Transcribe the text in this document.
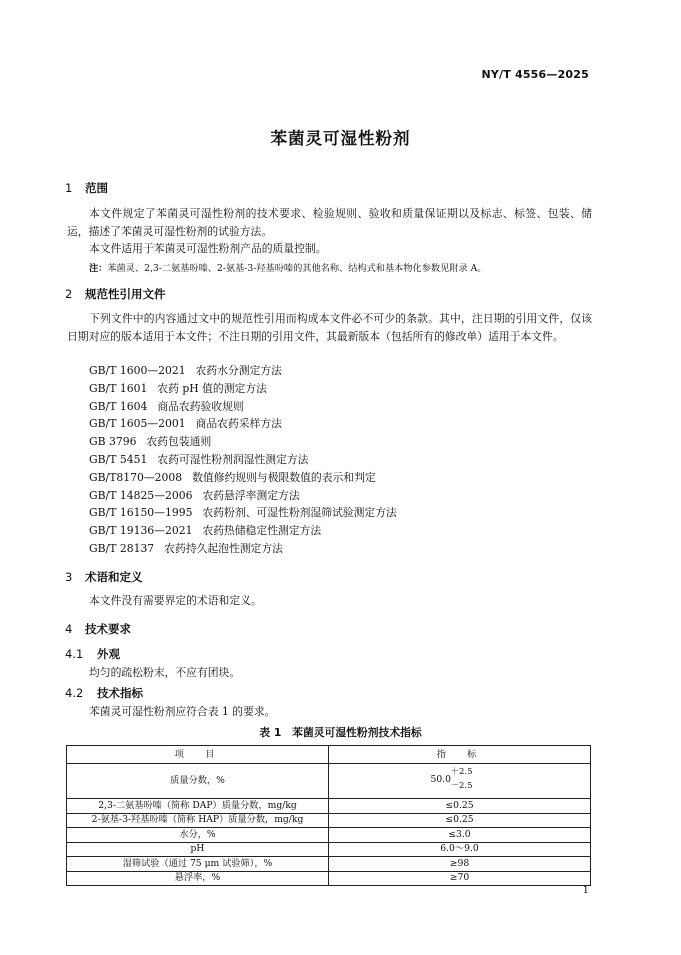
NY/T 4556—2025
苯菌灵可湿性粉剂
1 范围
本文件规定了苯菌灵可湿性粉剂的技术要求、检验规则、验收和质量保证期以及标志、标签、包装、储运，描述了苯菌灵可湿性粉剂的试验方法。
本文件适用于苯菌灵可湿性粉剂产品的质量控制。
注：苯菌灵、2,3-二氨基吩嗪、2-氨基-3-羟基吩嗪的其他名称、结构式和基本物化参数见附录 A。
2 规范性引用文件
下列文件中的内容通过文中的规范性引用而构成本文件必不可少的条款。其中，注日期的引用文件，仅该日期对应的版本适用于本文件；不注日期的引用文件，其最新版本（包括所有的修改单）适用于本文件。
GB/T 1600—2021 农药水分测定方法
GB/T 1601 农药 pH 值的测定方法
GB/T 1604 商品农药验收规则
GB/T 1605—2001 商品农药采样方法
GB 3796 农药包装通则
GB/T 5451 农药可湿性粉剂润湿性测定方法
GB/T8170—2008 数值修约规则与极限数值的表示和判定
GB/T 14825—2006 农药悬浮率测定方法
GB/T 16150—1995 农药粉剂、可湿性粉剂湿筛试验测定方法
GB/T 19136—2021 农药热储稳定性测定方法
GB/T 28137 农药持久起泡性测定方法
3 术语和定义
本文件没有需要界定的术语和定义。
4 技术要求
4.1 外观
均匀的疏松粉末，不应有团块。
4.2 技术指标
苯菌灵可湿性粉剂应符合表 1 的要求。
表 1　苯菌灵可湿性粉剂技术指标
项　目	指　标
质量分数，%	50.0
＋2.5
－2.5

2,3-二氨基吩嗪（简称 DAP）质量分数，mg/kg	≤0.25
2-氨基-3-羟基吩嗪（简称 HAP）质量分数，mg/kg	≤0.25
水分，%	≤3.0
pH	6.0～9.0
湿筛试验（通过 75 μm 试验筛），%	≥98
悬浮率，%	≥70
1
